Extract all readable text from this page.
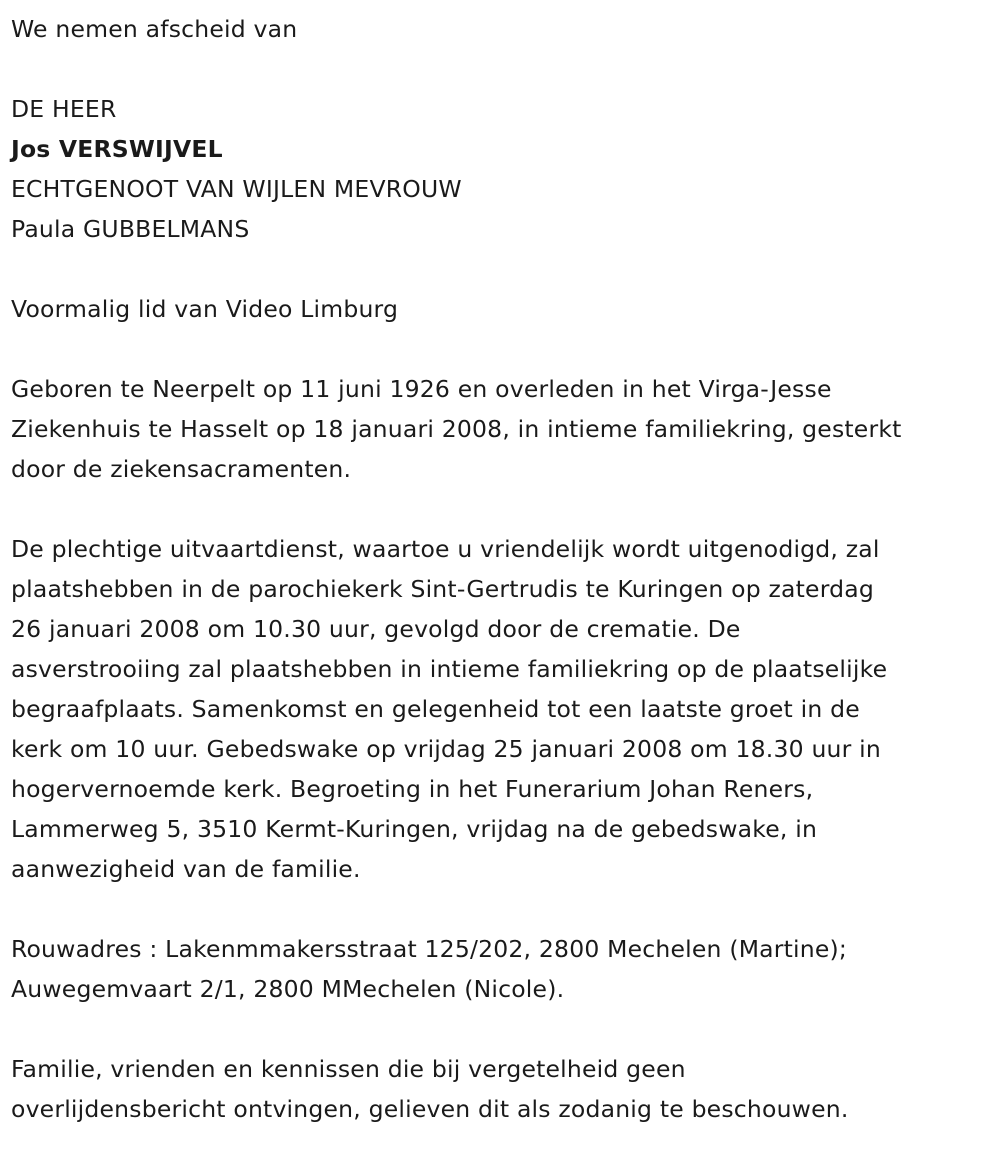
We nemen afscheid van
DE HEER
Jos VERSWIJVEL
ECHTGENOOT VAN WIJLEN MEVROUW
Paula GUBBELMANS
Voormalig lid van Video Limburg
Geboren te Neerpelt op 11 juni 1926 en overleden in het Virga-Jesse
Ziekenhuis te Hasselt op 18 januari 2008, in intieme familiekring, gesterkt
door de ziekensacramenten.
De plechtige uitvaartdienst, waartoe u vriendelijk wordt uitgenodigd, zal
plaatshebben in de parochiekerk Sint-Gertrudis te Kuringen op zaterdag
26 januari 2008 om 10.30 uur, gevolgd door de crematie. De
asverstrooiing zal plaatshebben in intieme familiekring op de plaatselijke
begraafplaats. Samenkomst en gelegenheid tot een laatste groet in de
kerk om 10 uur. Gebedswake op vrijdag 25 januari 2008 om 18.30 uur in
hogervernoemde kerk. Begroeting in het Funerarium Johan Reners,
Lammerweg 5, 3510 Kermt-Kuringen, vrijdag na de gebedswake, in
aanwezigheid van de familie.
Rouwadres : Lakenmmakersstraat 125/202, 2800 Mechelen (Martine);
Auwegemvaart 2/1, 2800 MMechelen (Nicole).
Familie, vrienden en kennissen die bij vergetelheid geen
overlijdensbericht ontvingen, gelieven dit als zodanig te beschouwen.
